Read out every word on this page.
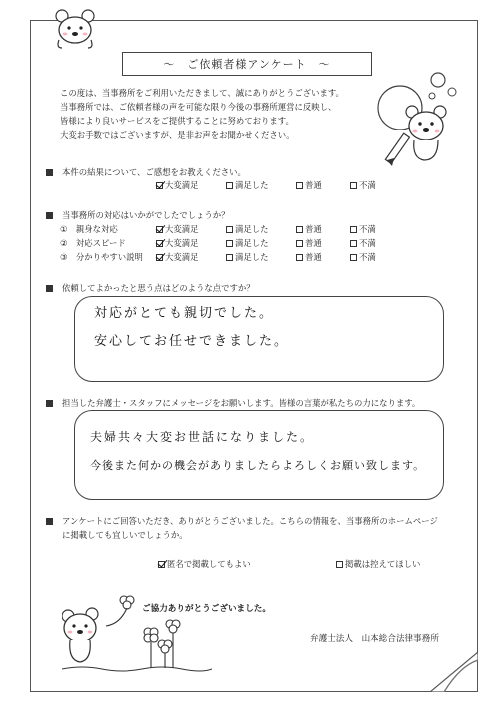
～　ご依頼者様アンケート　～
この度は、当事務所をご利用いただきまして、誠にありがとうございます。
当事務所では、ご依頼者様の声を可能な限り今後の事務所運営に反映し、
皆様により良いサービスをご提供することに努めております。
大変お手数ではございますが、是非お声をお聞かせください。
本件の結果について、ご感想をお教えください。
大変満足	満足した	普通	不満
当事務所の対応はいかがでしたでしょうか？
①　 親身な対応	大変満足	満足した	普通	不満
②　 対応スピード	大変満足	満足した	普通	不満
③　 分かりやすい説明	大変満足	満足した	普通	不満
依頼してよかったと思う点はどのような点ですか？
対応がとても親切でした。
安心してお任せできました。
担当した弁護士・スタッフにメッセージをお願いします。皆様の言葉が私たちの力になります。
夫婦共々大変お世話になりました。
今後また何かの機会がありましたらよろしくお願い致します。
アンケートにご回答いただき、ありがとうございました。こちらの情報を、当事務所のホームページ
に掲載しても宜しいでしょうか。
匿名で掲載してもよい	掲載は控えてほしい
ご協力ありがとうございました。
弁護士法人　山本総合法律事務所
